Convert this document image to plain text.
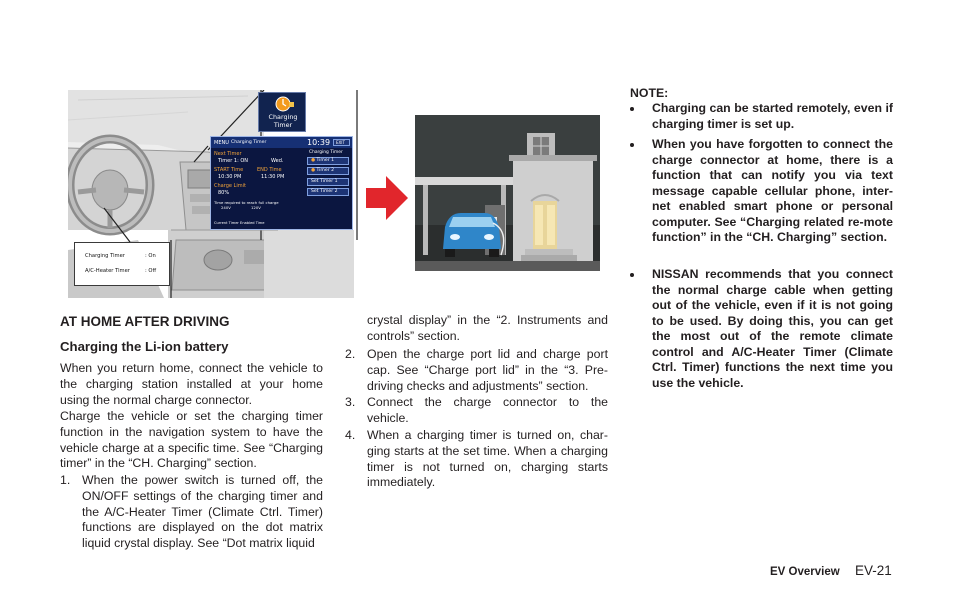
Charging
Timer
MENU Charging Timer	10:39	EXIT
Next Timer
Timer 1: ON	Wed.
START Time	END Time
10:30 PM	11:30 PM
Charge Limit
80%
Time required to reach full charge
240V	120V
Current Timer Enabled Time
Charging Timer
● Timer 1
● Timer 2
Set Timer 1
Set Timer 2
Charging Timer	: On
A/C-Heater Timer	: Off
AT HOME AFTER DRIVING
Charging the Li-ion battery

When you return home, connect the vehicle to the charging station installed at your home using the normal charge connector.

Charge the vehicle or set the charging timer function in the navigation system to have the vehicle charge at a specific time. See “Charging timer” in the “CH. Charging” section.

1. When the power switch is turned off, the ON/OFF settings of the charging timer and the A/C-Heater Timer (Climate Ctrl. Timer) functions are displayed on the dot matrix liquid crystal display. See “Dot matrix liquid

crystal display” in the “2. Instruments and controls” section.

2. Open the charge port lid and charge port cap. See “Charge port lid” in the “3. Pre-driving checks and adjustments” section.

3. Connect the charge connector to the vehicle.

4. When a charging timer is turned on, char-ging starts at the set time. When a charging timer is not turned on, charging starts immediately.

NOTE:

Charging can be started remotely, even if charging timer is set up.

When you have forgotten to connect the charge connector at home, there is a function that can notify you via text message capable cellular phone, inter-net enabled smart phone or personal computer. See “Charging related re-mote function” in the “CH. Charging” section.

NISSAN recommends that you connect the normal charge cable when getting out of the vehicle, even if it is not going to be used. By doing this, you can get the most out of the remote climate control and A/C-Heater Timer (Climate Ctrl. Timer) functions the next time you use the vehicle.

EV Overview EV-21
